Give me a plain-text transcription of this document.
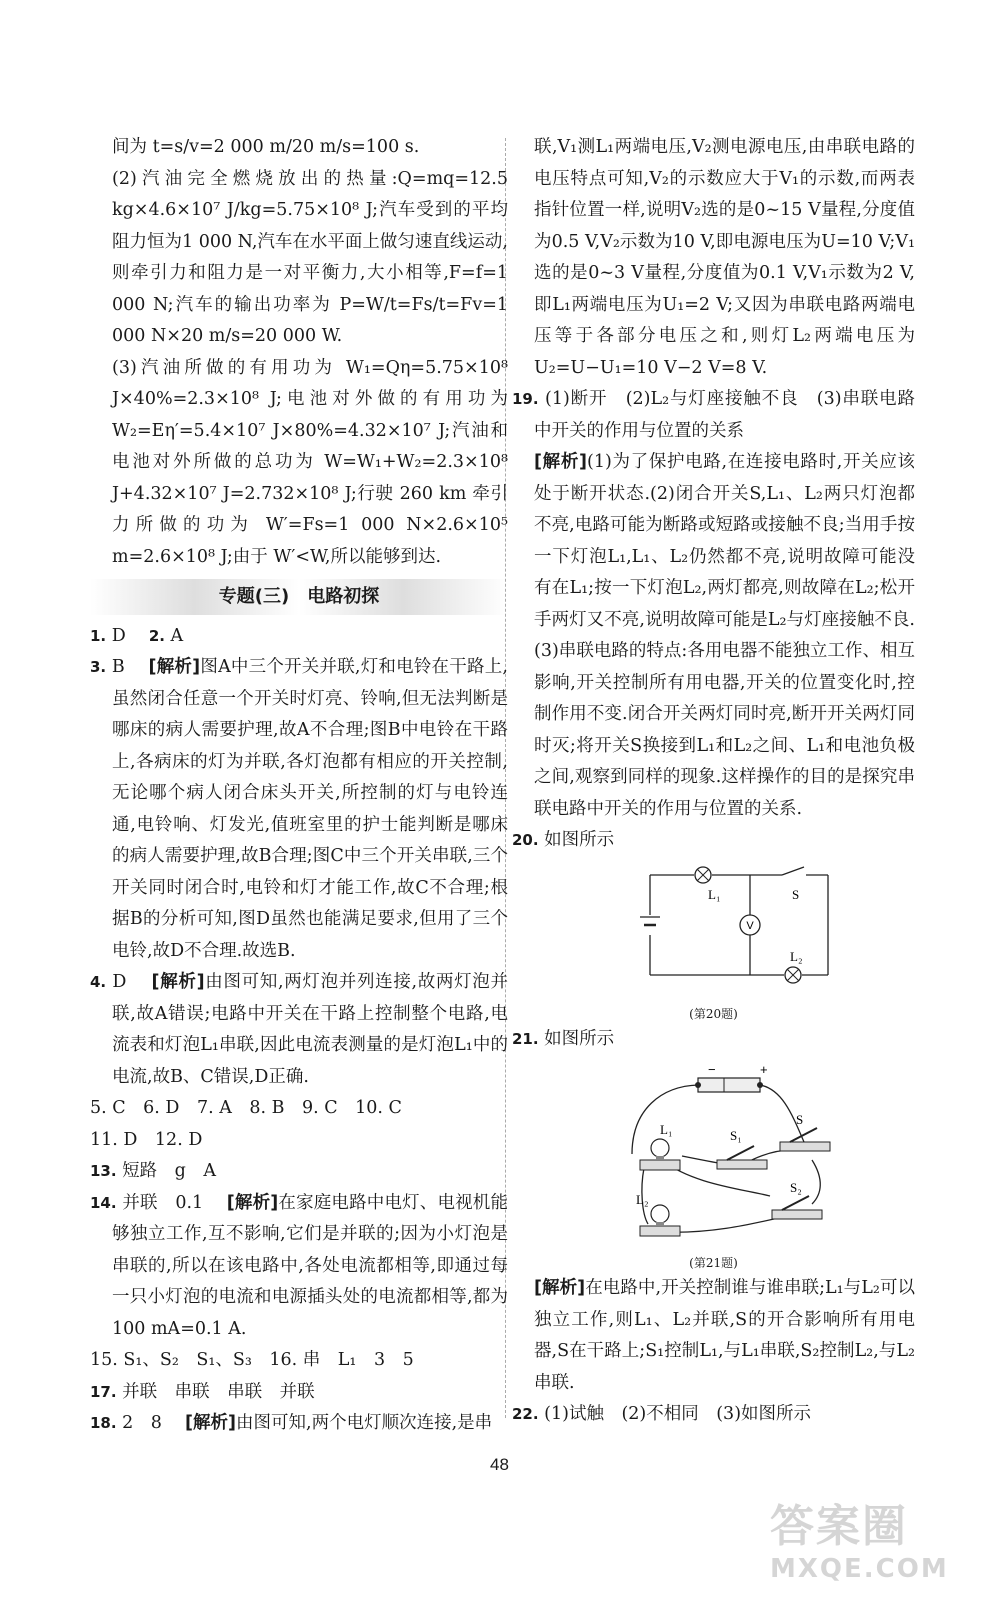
间为 t=s/v=2 000 m/20 m/s=100 s.

(2)汽油完全燃烧放出的热量:Q=mq=12.5 kg×4.6×10⁷ J/kg=5.75×10⁸ J;汽车受到的平均阻力恒为1 000 N,汽车在水平面上做匀速直线运动,则牵引力和阻力是一对平衡力,大小相等,F=f=1 000 N;汽车的输出功率为 P=W/t=Fs/t=Fv=1 000 N×20 m/s=20 000 W.

(3)汽油所做的有用功为 W₁=Qη=5.75×10⁸ J×40%=2.3×10⁸ J;电池对外做的有用功为 W₂=Eη′=5.4×10⁷ J×80%=4.32×10⁷ J;汽油和电池对外所做的总功为 W=W₁+W₂=2.3×10⁸ J+4.32×10⁷ J=2.732×10⁸ J;行驶 260 km 牵引力所做的功为 W′=Fs=1 000 N×2.6×10⁵ m=2.6×10⁸ J;由于 W′<W,所以能够到达.

专题(三)　电路初探

1. D　 2. A

3. B　 [解析]图A中三个开关并联,灯和电铃在干路上,虽然闭合任意一个开关时灯亮、铃响,但无法判断是哪床的病人需要护理,故A不合理;图B中电铃在干路上,各病床的灯为并联,各灯泡都有相应的开关控制,无论哪个病人闭合床头开关,所控制的灯与电铃连通,电铃响、灯发光,值班室里的护士能判断是哪床的病人需要护理,故B合理;图C中三个开关串联,三个开关同时闭合时,电铃和灯才能工作,故C不合理;根据B的分析可知,图D虽然也能满足要求,但用了三个电铃,故D不合理.故选B.

4. D　 [解析]由图可知,两灯泡并列连接,故两灯泡并联,故A错误;电路中开关在干路上控制整个电路,电流表和灯泡L₁串联,因此电流表测量的是灯泡L₁中的电流,故B、C错误,D正确.

5. C　6. D　7. A　8. B　9. C　10. C

11. D　12. D

13. 短路　g　A

14. 并联　0.1　 [解析]在家庭电路中电灯、电视机能够独立工作,互不影响,它们是并联的;因为小灯泡是串联的,所以在该电路中,各处电流都相等,即通过每一只小灯泡的电流和电源插头处的电流都相等,都为100 mA=0.1 A.

15. S₁、S₂　S₁、S₃　16. 串　L₁　3　5

17. 并联　串联　串联　并联

18. 2　8　 [解析]由图可知,两个电灯顺次连接,是串

联,V₁测L₁两端电压,V₂测电源电压,由串联电路的电压特点可知,V₂的示数应大于V₁的示数,而两表指针位置一样,说明V₂选的是0~15 V量程,分度值为0.5 V,V₂示数为10 V,即电源电压为U=10 V;V₁选的是0~3 V量程,分度值为0.1 V,V₁示数为2 V,即L₁两端电压为U₁=2 V;又因为串联电路两端电压等于各部分电压之和,则灯L₂两端电压为U₂=U−U₁=10 V−2 V=8 V.

19. (1)断开　(2)L₂与灯座接触不良　(3)串联电路中开关的作用与位置的关系

[解析](1)为了保护电路,在连接电路时,开关应该处于断开状态.(2)闭合开关S,L₁、L₂两只灯泡都不亮,电路可能为断路或短路或接触不良;当用手按一下灯泡L₁,L₁、L₂仍然都不亮,说明故障可能没有在L₁;按一下灯泡L₂,两灯都亮,则故障在L₂;松开手两灯又不亮,说明故障可能是L₂与灯座接触不良.(3)串联电路的特点:各用电器不能独立工作、相互影响,开关控制所有用电器,开关的位置变化时,控制作用不变.闭合开关两灯同时亮,断开开关两灯同时灭;将开关S换接到L₁和L₂之间、L₁和电池负极之间,观察到同样的现象.这样操作的目的是探究串联电路中开关的作用与位置的关系.

20. 如图所示

V
L₁	S
L₂
(第20题)

21. 如图所示

−	+
L₁
L₂
S₁
S
S₂
(第21题)

[解析]在电路中,开关控制谁与谁串联;L₁与L₂可以独立工作,则L₁、L₂并联,S的开合影响所有用电器,S在干路上;S₁控制L₁,与L₁串联,S₂控制L₂,与L₂串联.

22. (1)试触　(2)不相同　(3)如图所示

48
答案圈
MXQE.COM
